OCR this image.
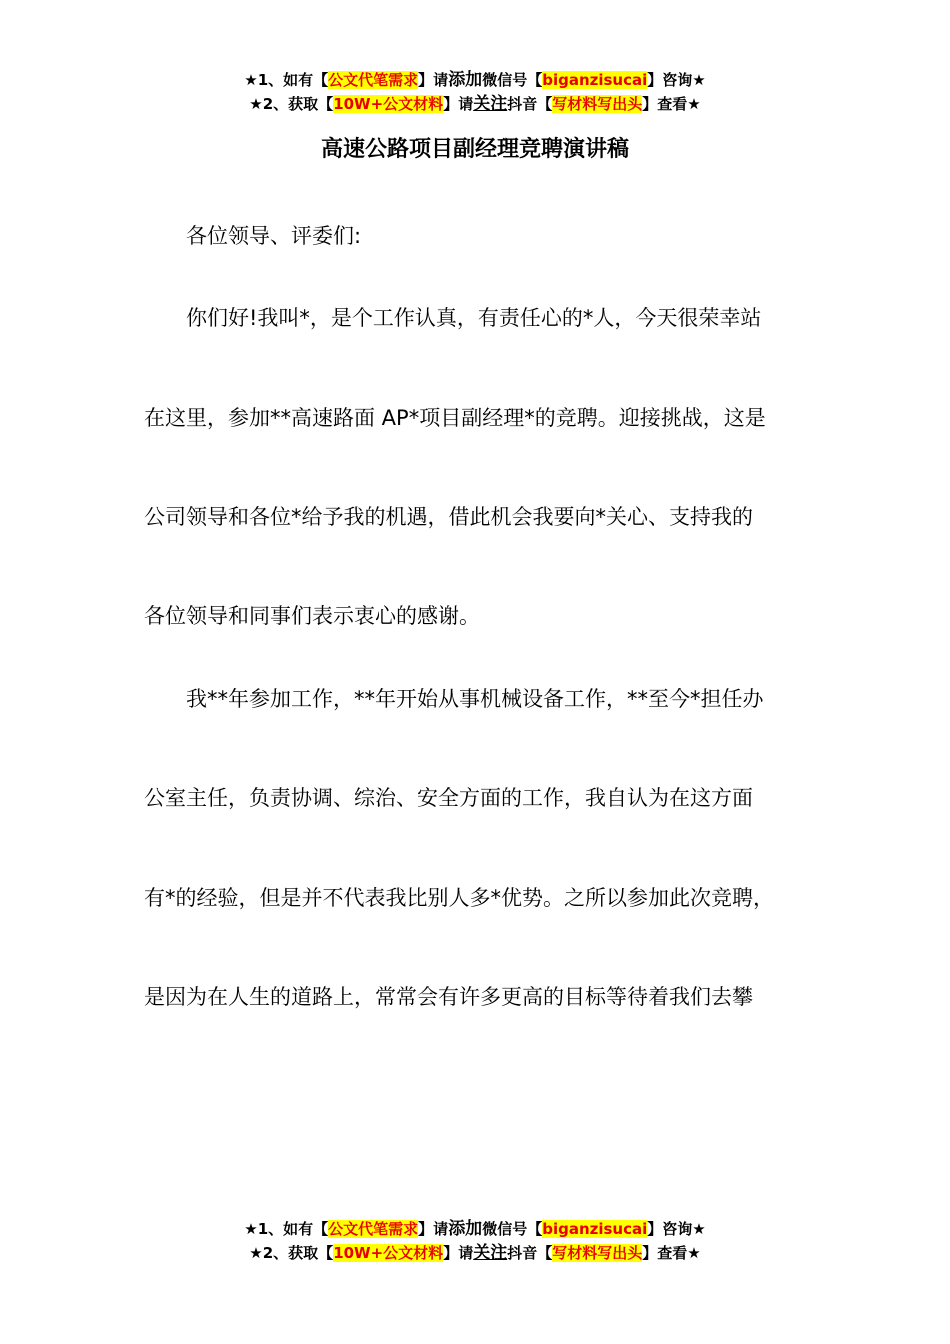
★1、如有【公文代笔需求】请添加微信号【biganzisucai】咨询★
★2、获取【10W+公文材料】请关注抖音【写材料写出头】查看★
高速公路项目副经理竞聘演讲稿
各位领导、评委们:
你们好!我叫*，是个工作认真，有责任心的*人，今天很荣幸站
在这里，参加**高速路面 AP*项目副经理*的竞聘。迎接挑战，这是
公司领导和各位*给予我的机遇，借此机会我要向*关心、支持我的
各位领导和同事们表示衷心的感谢。
我**年参加工作，**年开始从事机械设备工作，**至今*担任办
公室主任，负责协调、综治、安全方面的工作，我自认为在这方面
有*的经验，但是并不代表我比别人多*优势。之所以参加此次竞聘，
是因为在人生的道路上，常常会有许多更高的目标等待着我们去攀
★1、如有【公文代笔需求】请添加微信号【biganzisucai】咨询★
★2、获取【10W+公文材料】请关注抖音【写材料写出头】查看★
